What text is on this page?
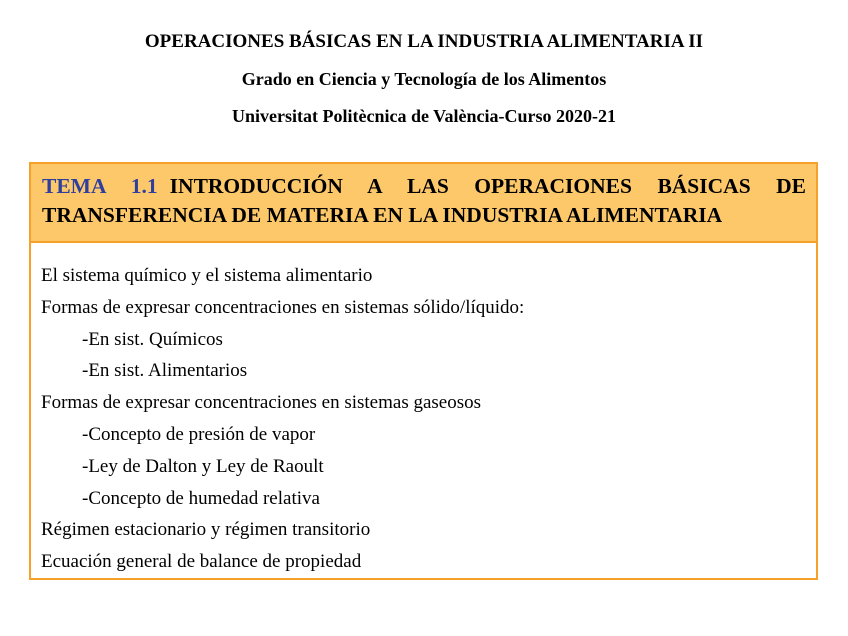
OPERACIONES BÁSICAS EN LA INDUSTRIA ALIMENTARIA II
Grado en Ciencia y Tecnología de los Alimentos
Universitat Politècnica de València-Curso 2020-21
TEMA 1.1 INTRODUCCIÓN A LAS OPERACIONES BÁSICAS DE TRANSFERENCIA DE MATERIA EN LA INDUSTRIA ALIMENTARIA
El sistema químico y el sistema alimentario
Formas de expresar concentraciones en sistemas sólido/líquido:
-En sist. Químicos
-En sist. Alimentarios
Formas de expresar concentraciones en sistemas gaseosos
-Concepto de presión de vapor
-Ley de Dalton y Ley de Raoult
-Concepto de humedad relativa
Régimen estacionario y régimen transitorio
Ecuación general de balance de propiedad
